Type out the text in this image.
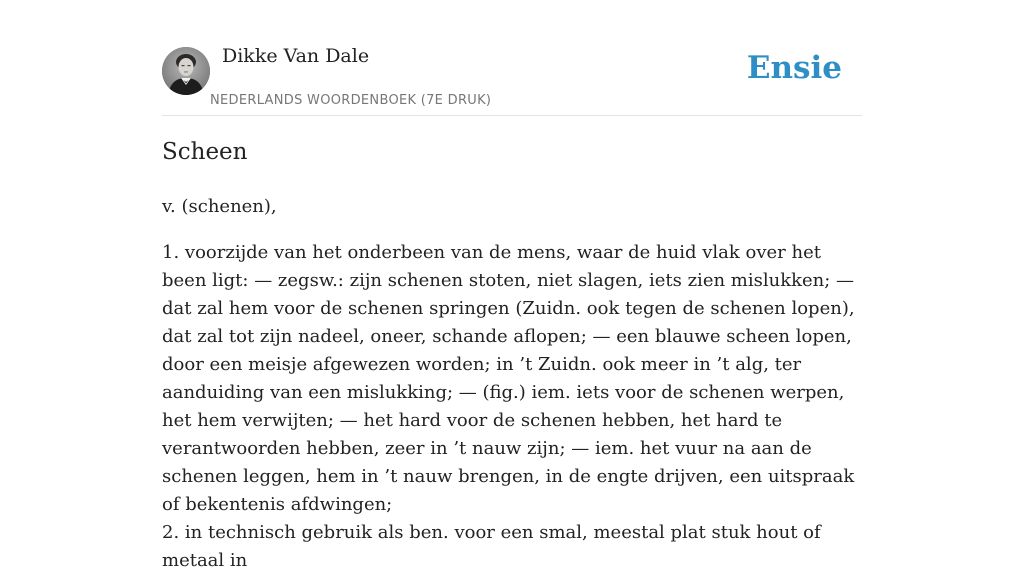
Dikke Van Dale
NEDERLANDS WOORDENBOEK (7E DRUK)
Ensie
Scheen
v. (schenen),

1. voorzijde van het onderbeen van de mens, waar de huid vlak over het been ligt: — zegsw.: zijn schenen stoten, niet slagen, iets zien mislukken; — dat zal hem voor de schenen springen (Zuidn. ook tegen de schenen lopen), dat zal tot zijn nadeel, oneer, schande aflopen; — een blauwe scheen lopen, door een meisje afgewezen worden; in ’t Zuidn. ook meer in ’t alg, ter aanduiding van een mislukking; — (fig.) iem. iets voor de schenen werpen, het hem verwijten; — het hard voor de schenen hebben, het hard te verantwoorden hebben, zeer in ’t nauw zijn; — iem. het vuur na aan de schenen leggen, hem in ’t nauw brengen, in de engte drijven, een uitspraak of bekentenis afdwingen;

2. in technisch gebruik als ben. voor een smal, meestal plat stuk hout of metaal in
